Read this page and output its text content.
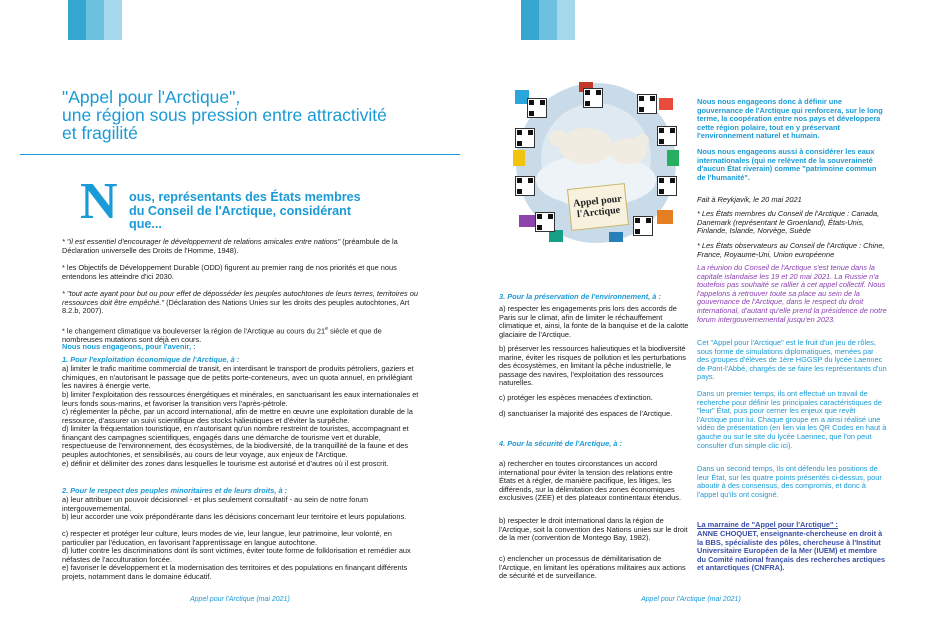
"Appel pour l'Arctique",
une région sous pression entre attractivité
et fragilité
N ous, représentants des États membres
du Conseil de l'Arctique, considérant
que...
* "il est essentiel d'encourager le développement de relations amicales entre nations" (préambule de la Déclaration universelle des Droits de l'Homme, 1948).
* les Objectifs de Développement Durable (ODD) figurent au premier rang de nos priorités et que nous entendons les atteindre d'ici 2030.
* "tout acte ayant pour but ou pour effet de déposséder les peuples autochtones de leurs terres, territoires ou ressources doit être empêché." (Déclaration des Nations Unies sur les droits des peuples autochtones, Art 8.2.b, 2007).
* le changement climatique va bouleverser la région de l'Arctique au cours du 21e siècle et que de nombreuses mutations sont déjà en cours.
Nous nous engageons, pour l'avenir, :
1. Pour l'exploitation économique de l'Arctique, à :
a) limiter le trafic maritime commercial de transit, en interdisant le transport de produits pétroliers, gaziers et chimiques, en n'autorisant le passage que de petits porte-conteneurs, avec un quota annuel, en privilégiant les navires à énergie verte.
b) limiter l'exploitation des ressources énergétiques et minérales, en sanctuarisant les eaux internationales et leurs fonds sous-marins, et favoriser la transition vers l'après-pétrole.
c) réglementer la pêche, par un accord international, afin de mettre en œuvre une exploitation durable de la ressource, d'assurer un suivi scientifique des stocks halieutiques et d'éviter la surpêche.
d) limiter la fréquentation touristique, en n'autorisant qu'un nombre restreint de touristes, accompagnant et finançant des campagnes scientifiques, engagés dans une démarche de tourisme vert et durable, respectueuse de l'environnement, des écosystèmes, de la biodiversité, de la tranquillité de la faune et des peuples autochtones, et sensibilisés, au cours de leur voyage, aux enjeux de l'Arctique.
e) définir et délimiter des zones dans lesquelles le tourisme est autorisé et d'autres où il est proscrit.
2. Pour le respect des peuples minoritaires et de leurs droits, à :
a) leur attribuer un pouvoir décisionnel - et plus seulement consultatif - au sein de notre forum intergouvernemental.
b) leur accorder une voix prépondérante dans les décisions concernant leur territoire et leurs populations.
c) respecter et protéger leur culture, leurs modes de vie, leur langue, leur patrimoine, leur volonté, en particulier par l'éducation, en favorisant l'apprentissage en langue autochtone.
d) lutter contre les discriminations dont ils sont victimes, éviter toute forme de folklorisation et remédier aux néfastes de l'acculturation forcée.
e) favoriser le développement et la modernisation des territoires et des populations en finançant différents projets, notamment dans le domaine éducatif.
Appel pour l'Arctique (mai 2021)
Appel pour l'Arctique
3. Pour la préservation de l'environnement, à :
a) respecter les engagements pris lors des accords de Paris sur le climat, afin de limiter le réchauffement climatique et, ainsi, la fonte de la banquise et de la calotte glaciaire de l'Arctique.
b) préserver les ressources halieutiques et la biodiversité marine, éviter les risques de pollution et les perturbations des écosystèmes, en limitant la pêche industrielle, le passage des navires, l'exploitation des ressources naturelles.
c) protéger les espèces menacées d'extinction.
d) sanctuariser la majorité des espaces de l'Arctique.
4. Pour la sécurité de l'Arctique, à :
a) rechercher en toutes circonstances un accord international pour éviter la tension des relations entre États et à régler, de manière pacifique, les litiges, les différends, sur la délimitation des zones économiques exclusives (ZEE) et des plateaux continentaux étendus.
b) respecter le droit international dans la région de l'Arctique, soit la convention des Nations unies sur le droit de la mer (convention de Montego Bay, 1982).
c) enclencher un processus de démilitarisation de l'Arctique, en limitant les opérations militaires aux actions de sécurité et de surveillance.
Nous nous engageons donc à définir une gouvernance de l'Arctique qui renforcera, sur le long terme, la coopération entre nos pays et développera cette région polaire, tout en y préservant l'environnement naturel et humain.
Nous nous engageons aussi à considérer les eaux internationales (qui ne relèvent de la souveraineté d'aucun État riverain) comme "patrimoine commun de l'humanité".
Fait à Reykjavik, le 20 mai 2021
* Les États membres du Conseil de l'Arctique : Canada, Danemark (représentant le Groenland), États-Unis, Finlande, Islande, Norvège, Suède
* Les États observateurs au Conseil de l'Arctique : Chine, France, Royaume-Uni, Union européenne
La réunion du Conseil de l'Arctique s'est tenue dans la capitale islandaise les 19 et 20 mai 2021. La Russie n'a toutefois pas souhaité se rallier à cet appel collectif. Nous l'appelons à retrouver toute sa place au sein de la gouvernance de l'Arctique, dans le respect du droit international, d'autant qu'elle prend la présidence de notre forum intergouvernemental jusqu'en 2023.
Cet "Appel pour l'Arctique" est le fruit d'un jeu de rôles, sous forme de simulations diplomatiques, menées par des groupes d'élèves de 1ère HGGSP du lycée Laennec de Pont-l'Abbé, chargés de se faire les représentants d'un pays.
Dans un premier temps, ils ont effectué un travail de recherche pour définir les principales caractéristiques de "leur" État, puis pour cerner les enjeux que revêt l'Arctique pour lui. Chaque groupe en a ainsi réalisé une vidéo de présentation (en lien via les QR Codes en haut à gauche ou sur le site du lycée Laennec, que l'on peut consulter d'un simple clic ici).
Dans un second temps, ils ont défendu les positions de leur État, sur les quatre points présentés ci-dessus, pour aboutir à des consensus, des compromis, et donc à l'appel qu'ils ont cosigné.
La marraine de "Appel pour l'Arctique" :
ANNE CHOQUET, enseignante-chercheuse en droit à la BBS, spécialiste des pôles, chercheuse à l'Institut Universitaire Européen de la Mer (IUEM) et membre du Comité national français des recherches arctiques et antarctiques (CNFRA).
Appel pour l'Arctique (mai 2021)
